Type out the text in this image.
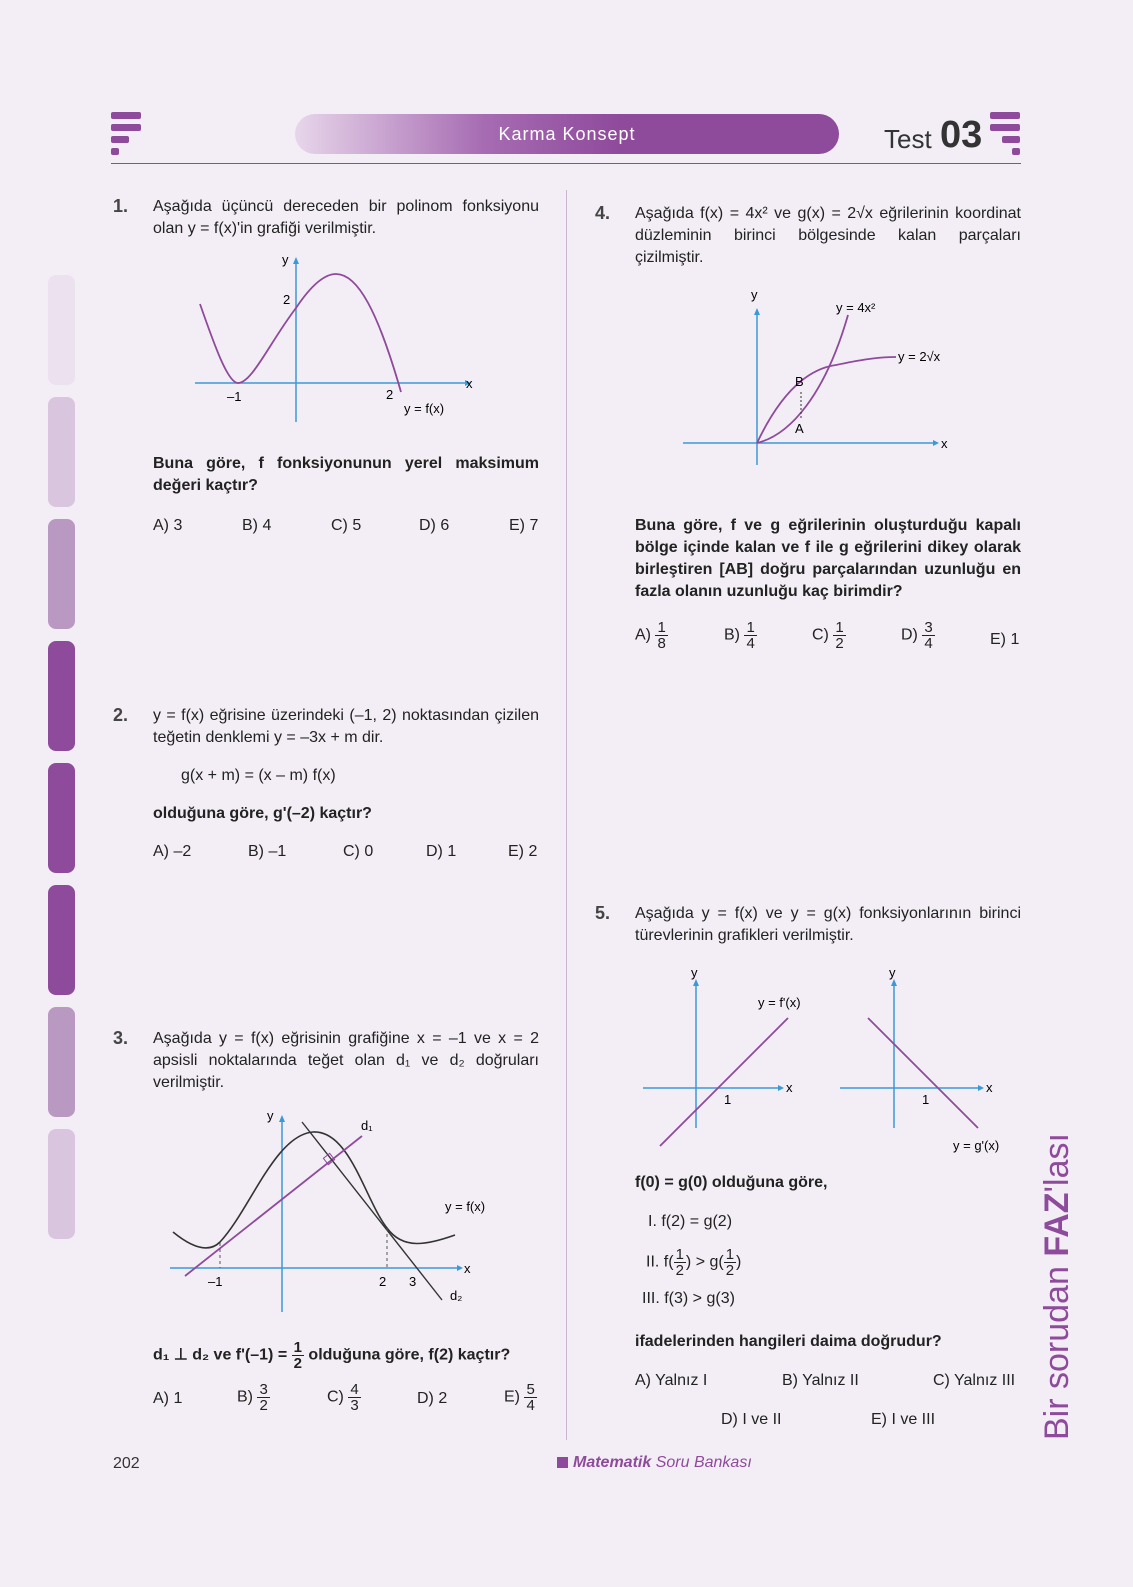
Karma Konsept	Test 03
1. Aşağıda üçüncü dereceden bir polinom fonksiyonu olan y = f(x)'in grafiği verilmiştir.
y
x
2
–1	2
y = f(x)
Buna göre, f fonksiyonunun yerel maksimum değeri kaçtır?
A) 3	B) 4	C) 5	D) 6	E) 7
2. y = f(x) eğrisine üzerindeki (–1, 2) noktasından çizilen teğetin denklemi y = –3x + m dir.
g(x + m) = (x – m) f(x)
olduğuna göre, g'(–2) kaçtır?
A) –2	B) –1	C) 0	D) 1	E) 2
3. Aşağıda y = f(x) eğrisinin grafiğine x = –1 ve x = 2 apsisli noktalarında teğet olan d₁ ve d₂ doğruları verilmiştir.
y
x
d₁
d₂
y = f(x)
–1	2 3
d₁ ⊥ d₂ ve $f'(-1) = \frac{1}{2}$ olduğuna göre, f(2) kaçtır?
A) 1	$B) \frac{3}{2}$	$C) \frac{4}{3}$	D) 2	$E) \frac{5}{4}$
4. Aşağıda f(x) = 4x² ve g(x) = 2√x eğrilerinin koordinat düzleminin birinci bölgesinde kalan parçaları çizilmiştir.
y
x
y = 4x²
y = 2√x
B
A
Buna göre, f ve g eğrilerinin oluşturduğu kapalı bölge içinde kalan ve f ile g eğrilerini dikey olarak birleştiren [AB] doğru parçalarından uzunluğu en fazla olanın uzunluğu kaç birimdir?
$A) \frac{1}{8}$	$B) \frac{1}{4}$	$C) \frac{1}{2}$	$D) \frac{3}{4}$	E) 1
5. Aşağıda y = f(x) ve y = g(x) fonksiyonlarının birinci türevlerinin grafikleri verilmiştir.
y
x
1
y = f'(x)
y
x
1
y = g'(x)
f(0) = g(0) olduğuna göre,
I. f(2) = g(2)
II. $f( \frac{1}{2}$ ) > $g( \frac{1}{2}$ )
III. f(3) > g(3)
ifadelerinden hangileri daima doğrudur?
A) Yalnız I	B) Yalnız II	C) Yalnız III
D) I ve II	E) I ve III	Bir sorudan FAZ'lası
202	Matematik Soru Bankası
